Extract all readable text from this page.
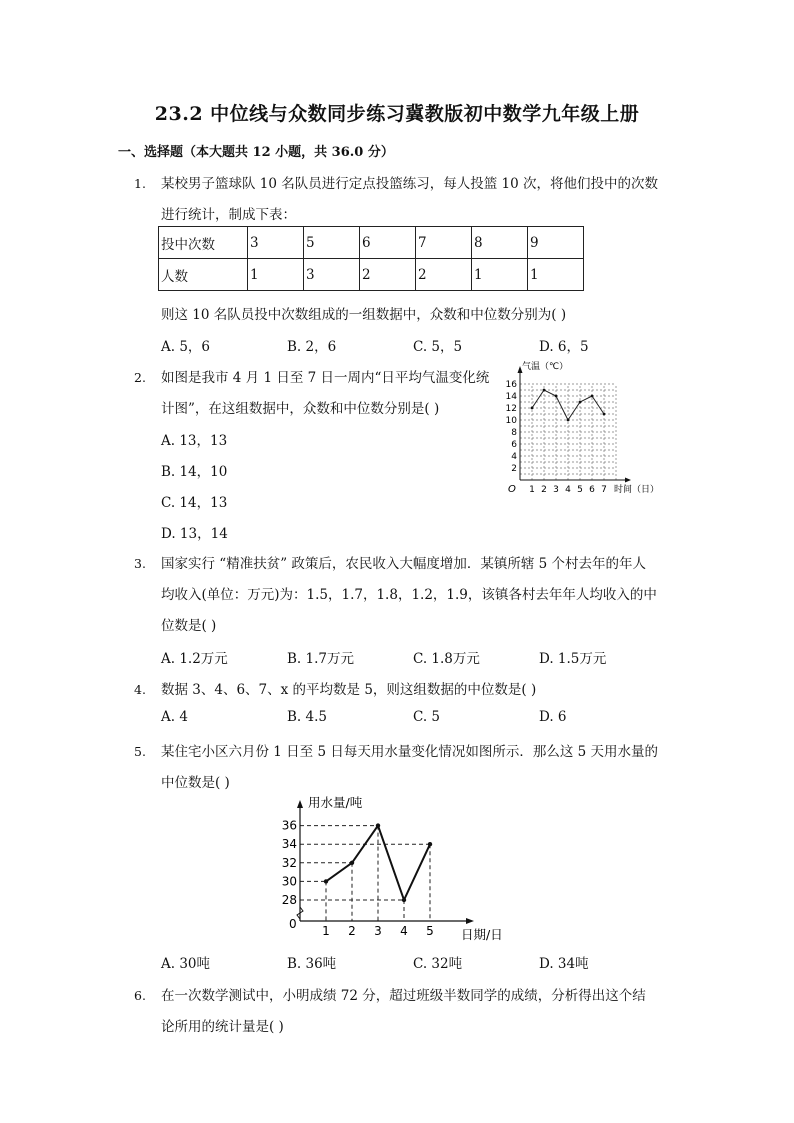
23.2 中位线与众数同步练习冀教版初中数学九年级上册
一、选择题（本大题共 12 小题，共 36.0 分）
1. 某校男子篮球队 10 名队员进行定点投篮练习，每人投篮 10 次，将他们投中的次数
进行统计，制成下表：
投中次数	3	5	6	7	8	9
人数	1	3	2	2	1	1
则这 10 名队员投中次数组成的一组数据中，众数和中位数分别为( )
A. 5，6	B. 2，6	C. 5，5	D. 6，5
2. 如图是我市 4 月 1 日至 7 日一周内“日平均气温变化统
计图”，在这组数据中，众数和中位数分别是( )
A. 13，13
B. 14，10
C. 14，13
D. 13，14
2
4
6
8
10
12
14
16
1 2 3 4 5 6 7
气温（℃）
时间（日）
O
3. 国家实行 “精准扶贫” 政策后，农民收入大幅度增加．某镇所辖 5 个村去年的年人
均收入(单位：万元)为：1.5，1.7，1.8，1.2，1.9，该镇各村去年年人均收入的中
位数是( )
A. 1.2万元	B. 1.7万元	C. 1.8万元	D. 1.5万元
4. 数据 3、4、6、7、x 的平均数是 5，则这组数据的中位数是( )
A. 4	B. 4.5	C. 5	D. 6
5. 某住宅小区六月份 1 日至 5 日每天用水量变化情况如图所示．那么这 5 天用水量的
中位数是( )
28
30
32
34
36
1 2 3 4 5
用水量/吨
日期/日
0
A. 30吨	B. 36吨	C. 32吨	D. 34吨
6. 在一次数学测试中，小明成绩 72 分，超过班级半数同学的成绩，分析得出这个结
论所用的统计量是( )
